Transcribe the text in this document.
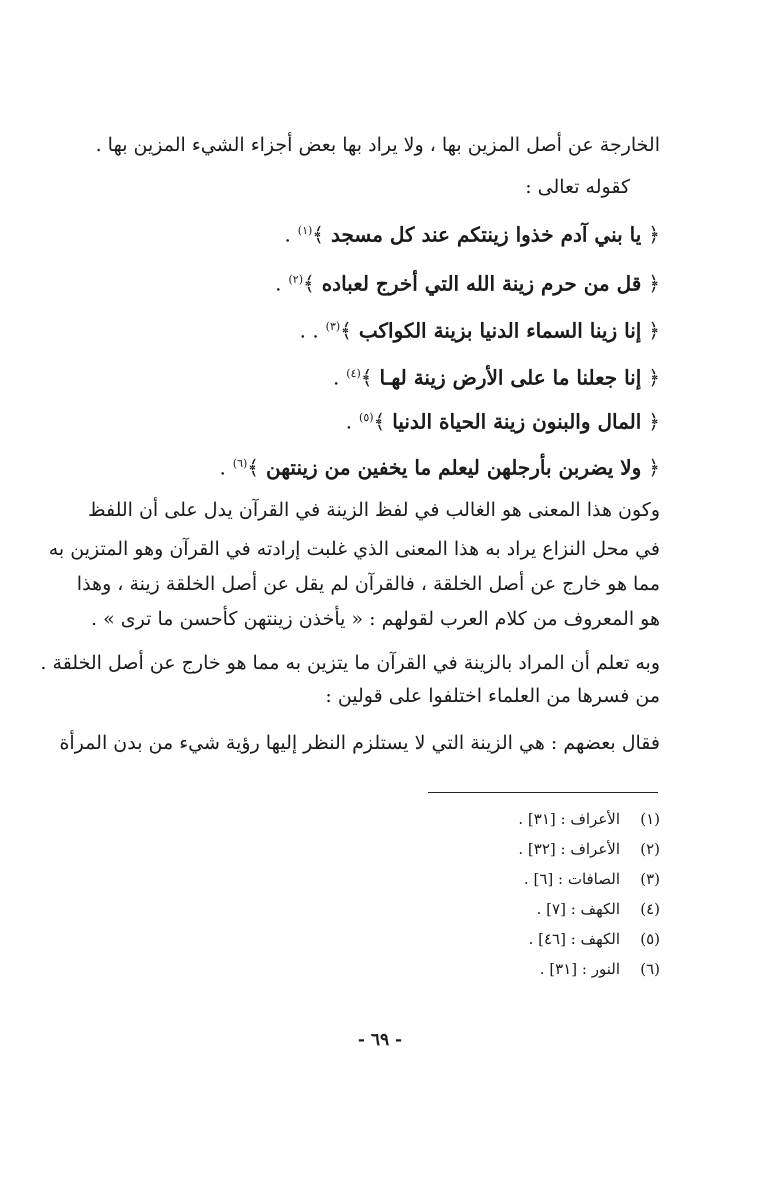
الخارجة عن أصل المزين بها ، ولا يراد بها بعض أجزاء الشيء المزين بها .
كقوله تعالى :
﴿ يا بني آدم خذوا زينتكم عند كل مسجد ﴾$^{(١)}$ .
﴿ قل من حرم زينة الله التي أخرج لعباده ﴾$^{(٢)}$ .
﴿ إنا زينا السماء الدنيا بزينة الكواكب ﴾$^{(٣)}$ . .
﴿ إنا جعلنا ما على الأرض زينة لهـا ﴾$^{(٤)}$ .
﴿ المال والبنون زينة الحياة الدنيا ﴾$^{(٥)}$ .
﴿ ولا يضربن بأرجلهن ليعلم ما يخفين من زينتهن ﴾$^{(٦)}$ .
وكون هذا المعنى هو الغالب في لفظ الزينة في القرآن يدل على أن اللفظ
في محل النزاع يراد به هذا المعنى الذي غلبت إرادته في القرآن وهو المتزين به
مما هو خارج عن أصل الخلقة ، فالقرآن لم يقل عن أصل الخلقة زينة ، وهذا
هو المعروف من كلام العرب لقولهم : « يأخذن زينتهن كأحسن ما ترى » .
وبه تعلم أن المراد بالزينة في القرآن ما يتزين به مما هو خارج عن أصل الخلقة .
من فسرها من العلماء اختلفوا على قولين :
فقال بعضهم : هي الزينة التي لا يستلزم النظر إليها رؤية شيء من بدن المرأة
(١)الأعراف : [٣١] .
(٢)الأعراف : [٣٢] .
(٣)الصافات : [٦] .
(٤)الكهف : [٧] .
(٥)الكهف : [٤٦] .
(٦)النور : [٣١] .
- ٦٩ -
